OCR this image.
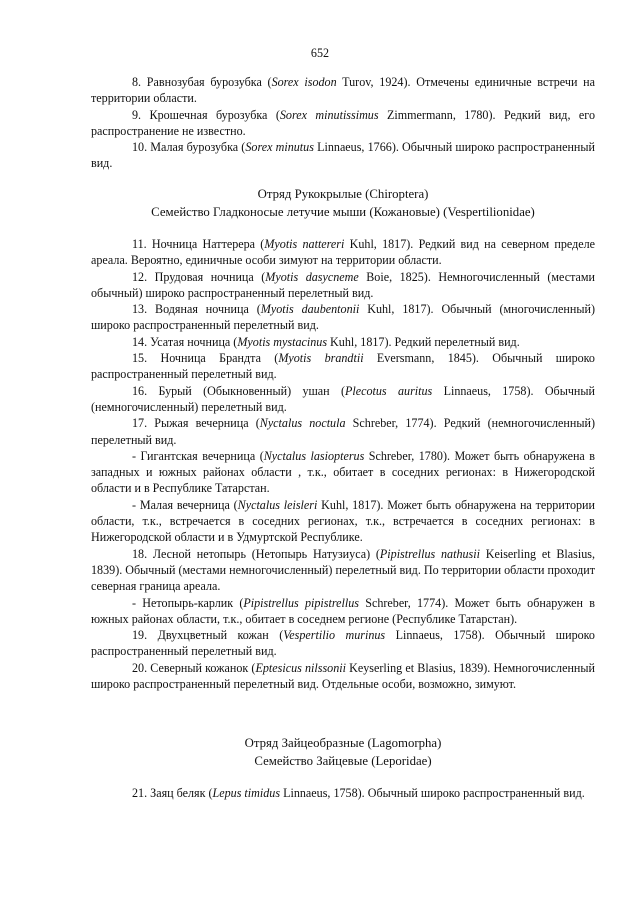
652

8. Равнозубая бурозубка (Sorex isodon Turov, 1924). Отмечены единичные встречи на территории области.

9. Крошечная бурозубка (Sorex minutissimus Zimmermann, 1780). Редкий вид, его распространение не известно.

10. Малая бурозубка (Sorex minutus Linnaeus, 1766). Обычный широко распространенный вид.

Отряд Рукокрылые (Chiroptera)

Семейство Гладконосые летучие мыши (Кожановые) (Vespertilionidae)

11. Ночница Наттерера (Myotis nattereri Kuhl, 1817). Редкий вид на северном пределе ареала. Вероятно, единичные особи зимуют на территории области.

12. Прудовая ночница (Myotis dasycneme Boie, 1825). Немногочисленный (местами обычный) широко распространенный перелетный вид.

13. Водяная ночница (Myotis daubentonii Kuhl, 1817). Обычный (многочисленный) широко распространенный перелетный вид.

14. Усатая ночница (Myotis mystacinus Kuhl, 1817). Редкий перелетный вид.

15. Ночница Брандта (Myotis brandtii Eversmann, 1845). Обычный широко распространенный перелетный вид.

16. Бурый (Обыкновенный) ушан (Plecotus auritus Linnaeus, 1758). Обычный (немногочисленный) перелетный вид.

17. Рыжая вечерница (Nyctalus noctula Schreber, 1774). Редкий (немногочисленный) перелетный вид.

- Гигантская вечерница (Nyctalus lasiopterus Schreber, 1780). Может быть обнаружена в западных и южных районах области , т.к., обитает в соседних регионах: в Нижегородской области и в Республике Татарстан.

- Малая вечерница (Nyctalus leisleri Kuhl, 1817). Может быть обнаружена на территории области, т.к., встречается в соседних регионах, т.к., встречается в соседних регионах: в Нижегородской области и в Удмуртской Республике.

18. Лесной нетопырь (Нетопырь Натузиуса) (Pipistrellus nathusii Keiserling et Blasius, 1839). Обычный (местами немногочисленный) перелетный вид. По территории области проходит северная граница ареала.

- Нетопырь-карлик (Pipistrellus pipistrellus Schreber, 1774). Может быть обнаружен в южных районах области, т.к., обитает в соседнем регионе (Республике Татарстан).

19. Двухцветный кожан (Vespertilio murinus Linnaeus, 1758). Обычный широко распространенный перелетный вид.

20. Северный кожанок (Eptesicus nilssonii Keyserling et Blasius, 1839). Немногочисленный широко распространенный перелетный вид. Отдельные особи, возможно, зимуют.

Отряд Зайцеобразные (Lagomorpha)

Семейство Зайцевые (Leporidae)

21. Заяц беляк (Lepus timidus Linnaeus, 1758). Обычный широко распространенный вид.
